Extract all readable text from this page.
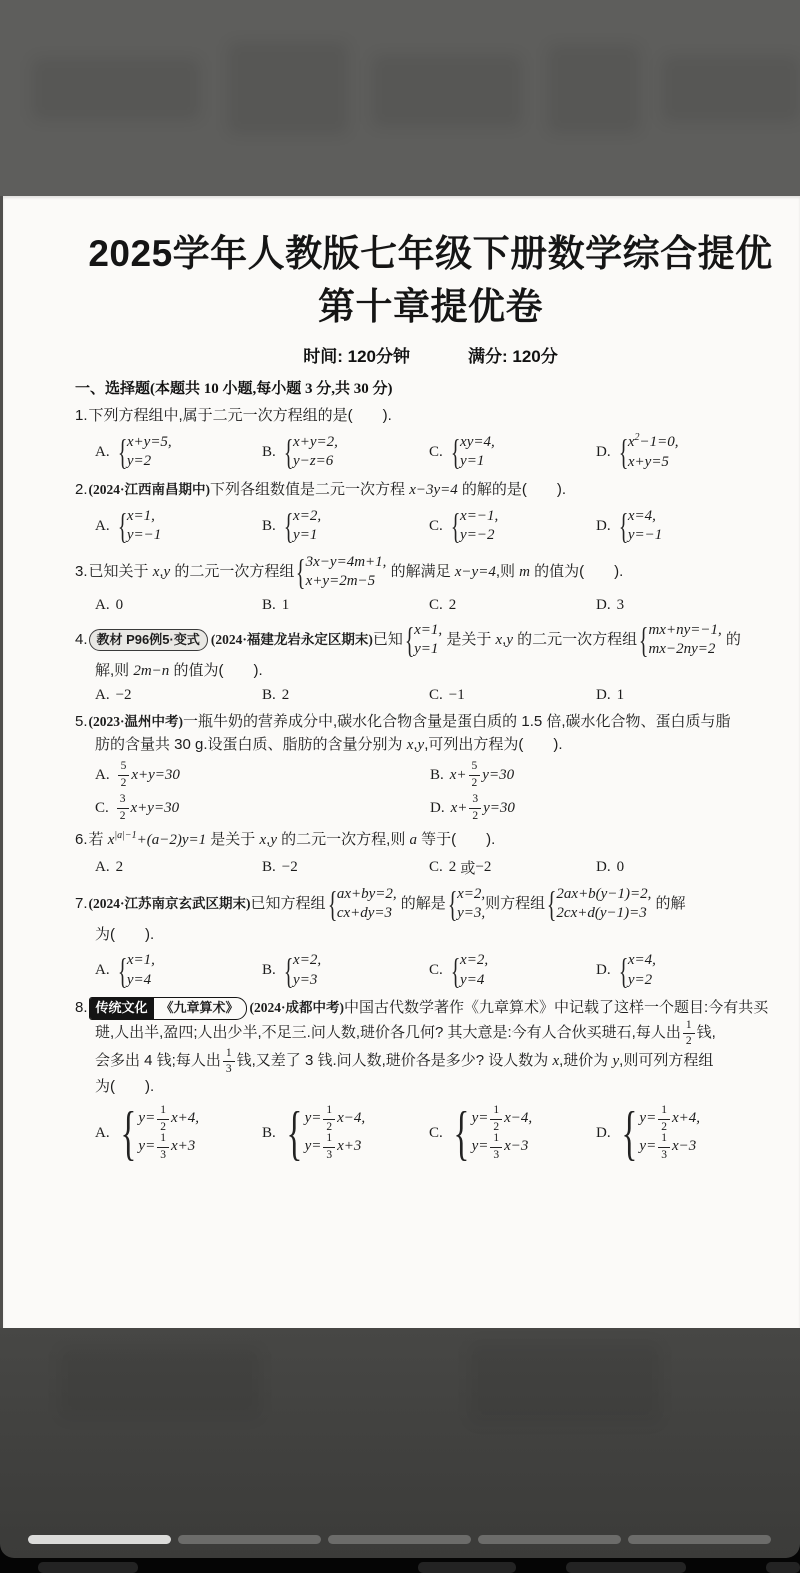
2025学年人教版七年级下册数学综合提优
第十章提优卷
时间: 120分钟	满分: 120分
一、选择题(本题共 10 小题,每小题 3 分,共 30 分)
1. 下列方程组中,属于二元一次方程组的是(　　).
A. { x+y=5,
y=2
B. { x+y=2,
y−z=6
C. { xy=4,
y=1
D. { $x^2 -1=0$,
x+y=5
2. (2024·江西南昌期中) 下列各组数值是二元一次方程 x−3y=4 的解的是(　　).
A. { x=1,
y=−1
B. { x=2,
y=1
C. { x=−1,
y=−2
D. { x=4,
y=−1
3. 已知关于 x , y 的二元一次方程组 { 3x−y=4m+1,
x+y=2m−5
的解满足 x−y=4 ,则 m 的值为(　　).
A. 0	B. 1	C. 2	D. 3
4. 教材 P96例5·变式 (2024·福建龙岩永定区期末) 已知 { x=1,
y=1
是关于 x , y 的二元一次方程组 { mx+ny=−1,
mx−2ny=2
的
解,则 2m−n 的值为(　　).
A. −2	B. 2	C. −1	D. 1
5. (2023·温州中考) 一瓶牛奶的营养成分中,碳水化合物含量是蛋白质的 1.5 倍,碳水化合物、蛋白质与脂
肪的含量共 30 g.设蛋白质、脂肪的含量分别为 x , y ,可列出方程为(　　).
A. $\frac{5}{2} x+y=30$	B. $x+ \frac{5}{2} y=30$
C. $\frac{3}{2} x+y=30$	D. $x+ \frac{3}{2} y=30$
6. 若 $x^{|a|-1} +(a-2)y=1$ 是关于 x , y 的二元一次方程,则 a 等于(　　).
A. 2	B. −2	C. 2 或 −2	D. 0
7. (2024·江苏南京玄武区期末) 已知方程组 { ax+by=2,
cx+dy=3
的解是 { x=2,
y=3,
则方程组 { 2ax+b(y−1)=2,
2cx+d(y−1)=3
的解
为(　　).
A. { x=1,
y=4
B. { x=2,
y=3
C. { x=2,
y=4
D. { x=4,
y=2
8. 传统文化	《九章算术》 (2024·成都中考) 中国古代数学著作《九章算术》中记载了这样一个题目:今有共买
琎,人出半,盈四;人出少半,不足三.问人数,琎价各几何? 其大意是:今有人合伙买琎石,每人出 $\frac{1}{2}$ 钱,
会多出 4 钱;每人出 $\frac{1}{3}$ 钱,又差了 3 钱.问人数,琎价各是多少? 设人数为 x ,琎价为 y ,则可列方程组
为(　　).
A. { $y= \frac{1}{2} x+4$,
$y= \frac{1}{3} x+3$
B. { $y= \frac{1}{2} x-4$,
$y= \frac{1}{3} x+3$
C. { $y= \frac{1}{2} x-4$,
$y= \frac{1}{3} x-3$
D. { $y= \frac{1}{2} x+4$,
$y= \frac{1}{3} x-3$
